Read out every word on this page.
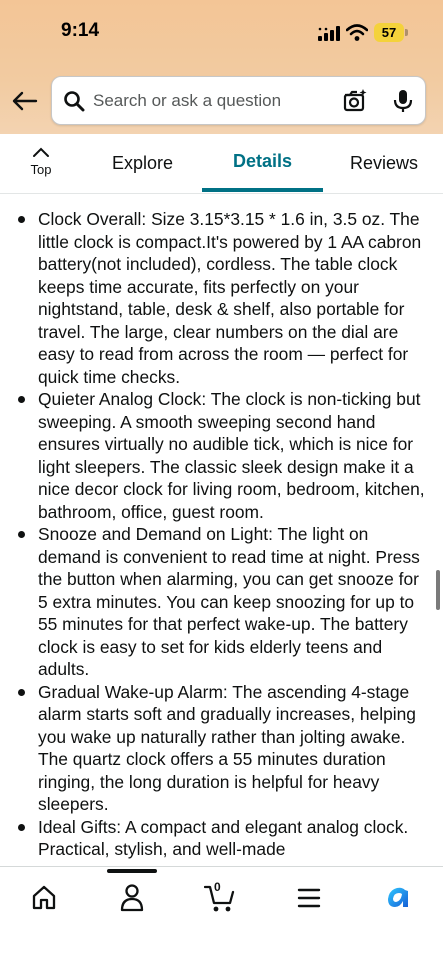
9:14	57
Search or ask a question
Top	Explore	Details	Reviews
Clock Overall: Size 3.15*3.15 * 1.6 in, 3.5 oz. The little clock is compact.It's powered by 1 AA cabron battery(not included), cordless. The table clock keeps time accurate, fits perfectly on your nightstand, table, desk & shelf, also portable for travel. The large, clear numbers on the dial are easy to read from across the room — perfect for quick time checks.
Quieter Analog Clock: The clock is non-ticking but sweeping. A smooth sweeping second hand ensures virtually no audible tick, which is nice for light sleepers. The classic sleek design make it a nice decor clock for living room, bedroom, kitchen, bathroom, office, guest room.
Snooze and Demand on Light: The light on demand is convenient to read time at night. Press the button when alarming, you can get snooze for 5 extra minutes. You can keep snoozing for up to 55 minutes for that perfect wake-up. The battery clock is easy to set for kids elderly teens and adults.
Gradual Wake-up Alarm: The ascending 4-stage alarm starts soft and gradually increases, helping you wake up naturally rather than jolting awake. The quartz clock offers a 55 minutes duration ringing, the long duration is helpful for heavy sleepers.
Ideal Gifts: A compact and elegant analog clock. Practical, stylish, and well-made
0
